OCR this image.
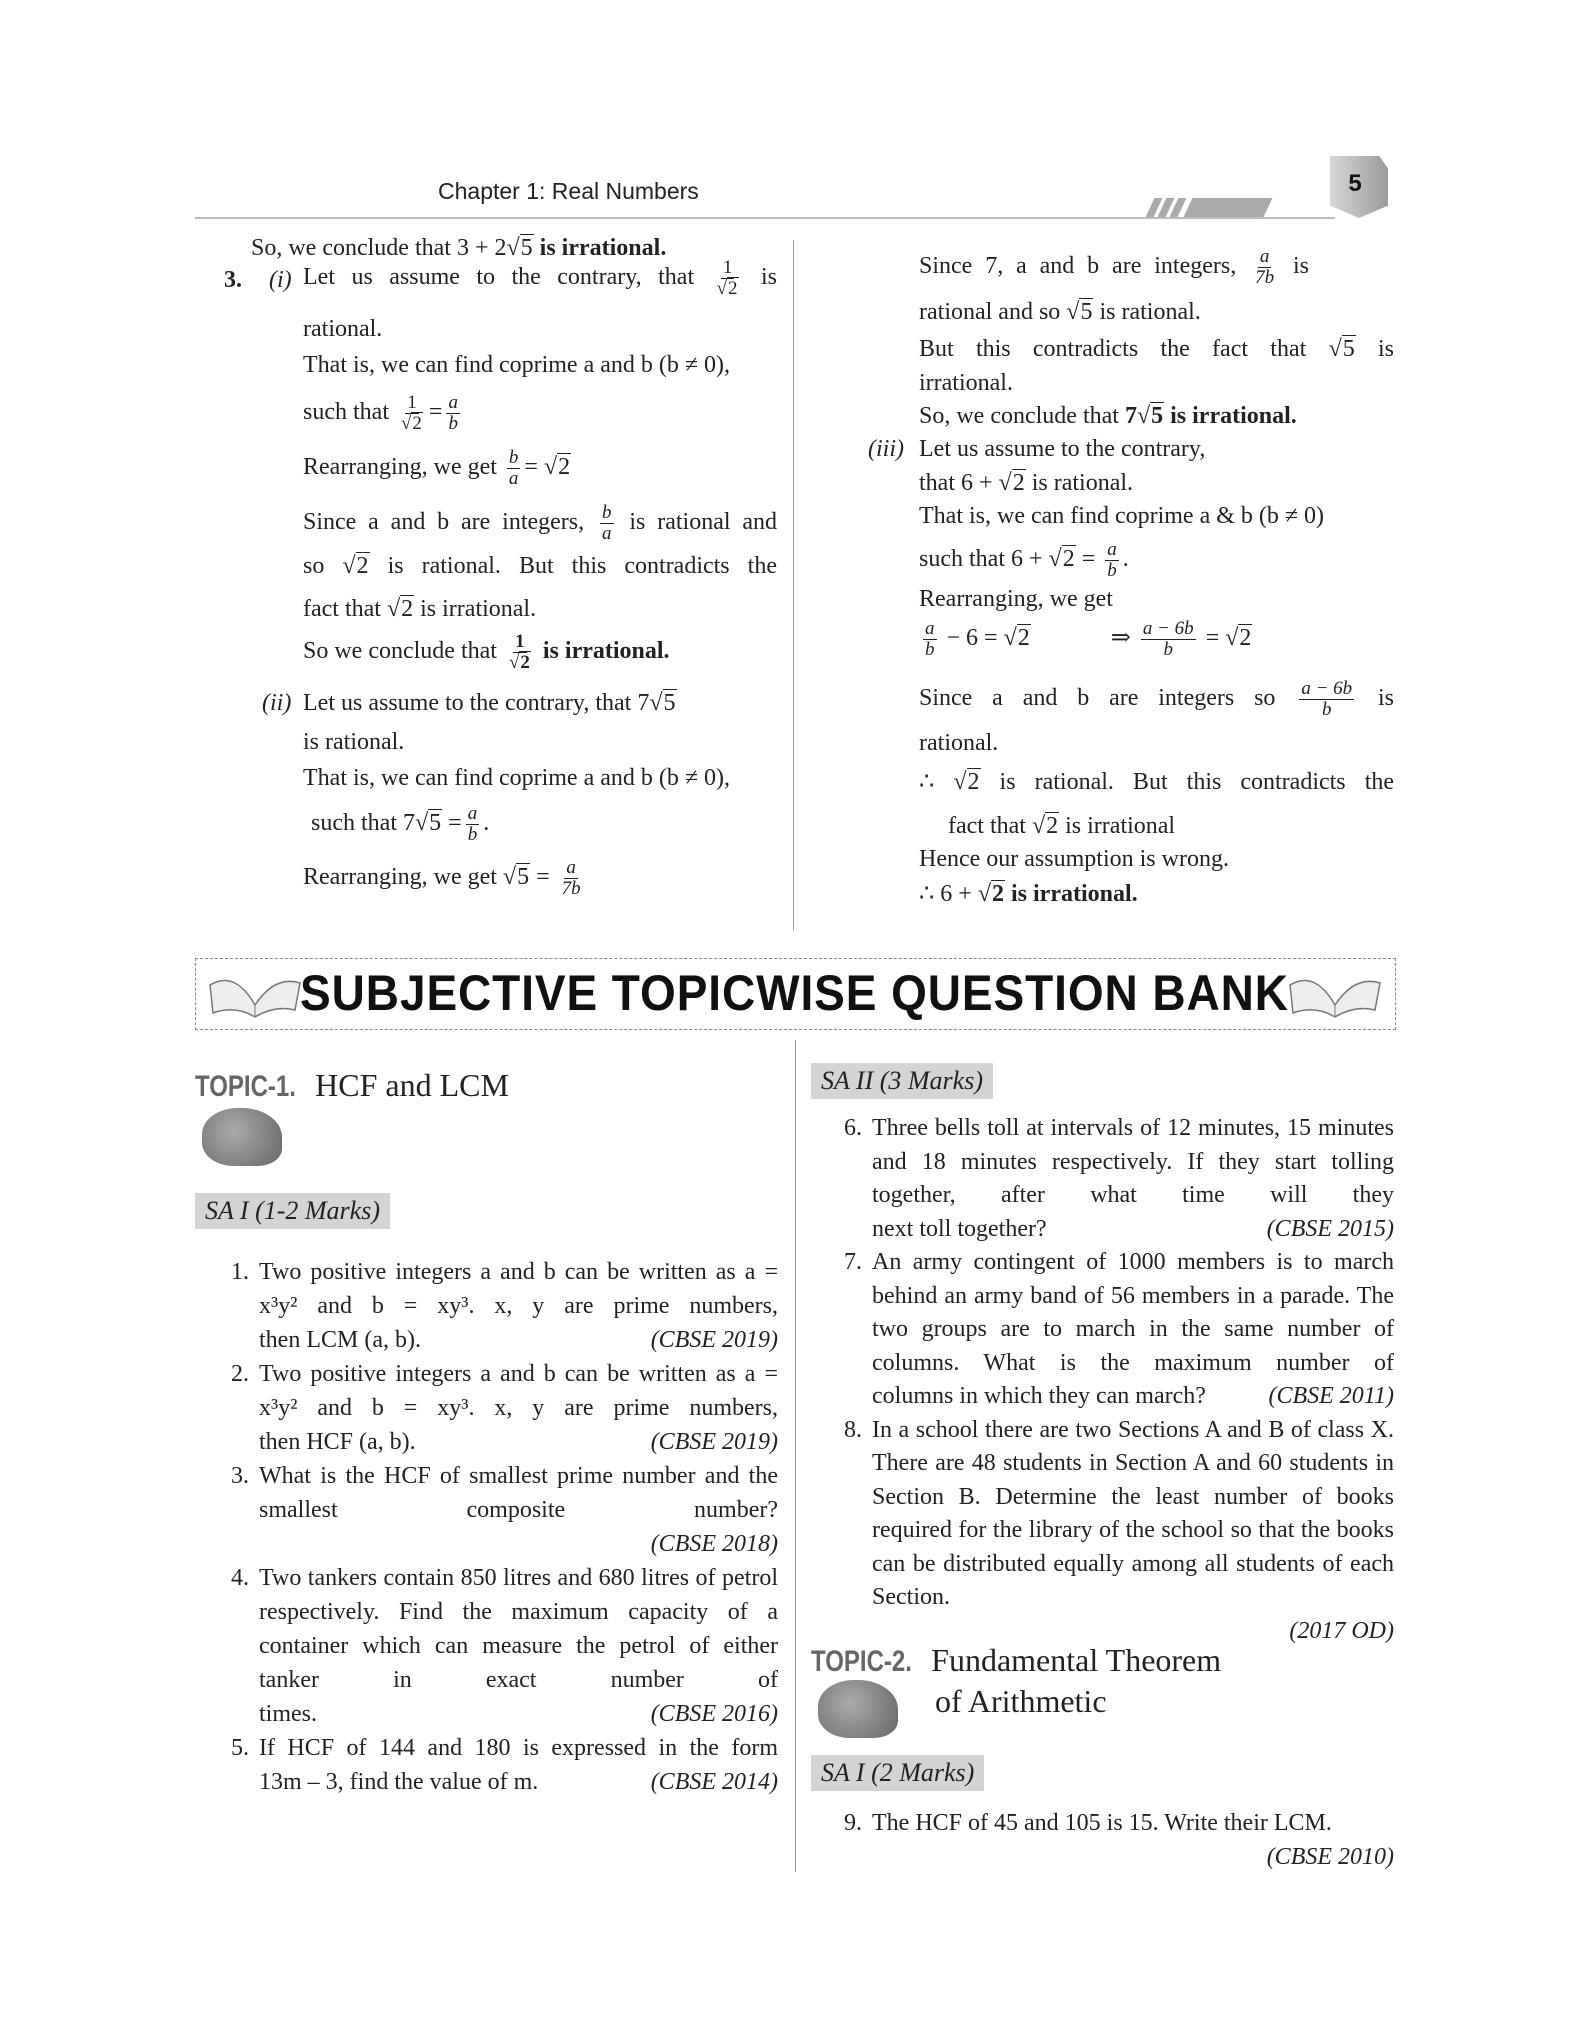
Chapter 1: Real Numbers	5
So, we conclude that 3 + 2 √ 5 is irrational.
3. (i) Let us assume to the contrary, that 1
√ 2 is
rational.
That is, we can find coprime a and b (b ≠ 0),
such that 1
√ $2 = \frac{a}{b}$
Rearranging, we get $\frac{b}{a}$ = √ 2
Since a and b are integers, $\frac{b}{a}$ is rational and
so √ 2 is rational. But this contradicts the
fact that √ 2 is irrational.
So we conclude that 1
√ 2 is irrational.
(ii) Let us assume to the contrary, that 7 √ 5
is rational.
That is, we can find coprime a and b (b ≠ 0),
such that 7 √ $5 = \frac{a}{b}$ .
Rearranging, we get √ $5 = \frac{a}{7b}$
Since 7, a and b are integers, $\frac{a}{7b}$ is
rational and so √ 5 is rational.
But this contradicts the fact that √ 5 is
irrational.
So, we conclude that 7 √ 5 is irrational.
(iii) Let us assume to the contrary,
that 6 + √ 2 is rational.
That is, we can find coprime a & b (b ≠ 0)
such that 6 + √ $2 = \frac{a}{b}$ .
Rearranging, we get
$\frac{a}{b} - 6$ = √ 2	⇒ $\frac{a - 6b}{b}$ = √ 2
Since a and b are integers so $\frac{a - 6b}{b}$ is
rational.
∴ √ 2 is rational. But this contradicts the
fact that √ 2 is irrational
Hence our assumption is wrong.
∴ 6 + √ 2 is irrational.
SUBJECTIVE TOPICWISE QUESTION BANK
TOPIC-1. HCF and LCM
SA I (1-2 Marks)
1. Two positive integers a and b can be written as a = x³y² and b = xy³. x, y are prime numbers,
then LCM (a, b).	(CBSE 2019)
2. Two positive integers a and b can be written as a = x³y² and b = xy³. x, y are prime numbers,
then HCF (a, b).	(CBSE 2019)
3. What is the HCF of smallest prime number and the smallest composite number?
(CBSE 2018)
4. Two tankers contain 850 litres and 680 litres of petrol respectively. Find the maximum capacity of a container which can measure the petrol of either tanker in exact number of
times.	(CBSE 2016)
5. If HCF of 144 and 180 is expressed in the form
13m – 3, find the value of m.	(CBSE 2014)
SA II (3 Marks)
6. Three bells toll at intervals of 12 minutes, 15 minutes and 18 minutes respectively. If they start tolling together, after what time will they
next toll together?	(CBSE 2015)
7. An army contingent of 1000 members is to march behind an army band of 56 members in a parade. The two groups are to march in the same number of columns. What is the maximum number of
columns in which they can march?	(CBSE 2011)
8. In a school there are two Sections A and B of class X. There are 48 students in Section A and 60 students in Section B. Determine the least number of books required for the library of the school so that the books can be distributed equally among all students of each Section.
(2017 OD)
TOPIC-2. Fundamental Theorem
of Arithmetic
SA I (2 Marks)
9. The HCF of 45 and 105 is 15. Write their LCM.
(CBSE 2010)
